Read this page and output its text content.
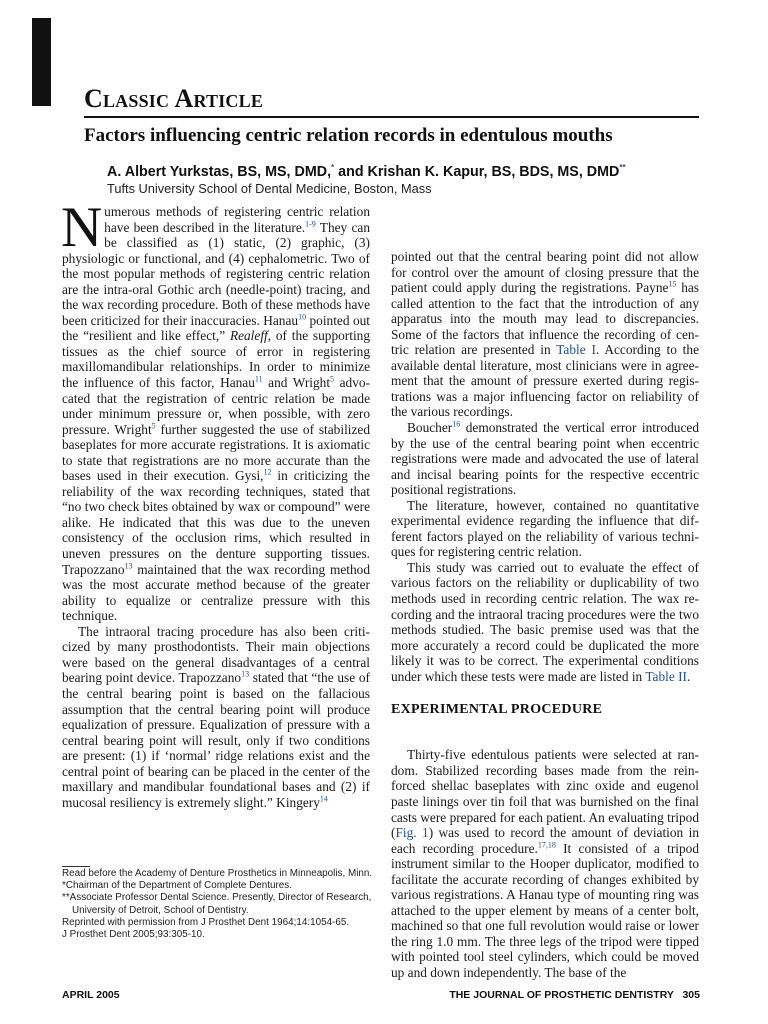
Classic Article
Factors influencing centric relation records in edentulous mouths
A. Albert Yurkstas, BS, MS, DMD,* and Krishan K. Kapur, BS, BDS, MS, DMD**
Tufts University School of Dental Medicine, Boston, Mass

Numerous methods of registering centric relation have been described in the literature.$^{1-9}$ They can be classified as (1) static, (2) graphic, (3) physiologic or functional, and (4) cephalometric. Two of the most popular methods of registering centric relation are the intra-oral Gothic arch (needle-point) tracing, and the wax recording procedure. Both of these methods have been criticized for their inaccuracies. Hanau$^{10}$ pointed out the “resilient and like effect,” Realeff, of the supporting tissues as the chief source of error in registering maxillomandibular relationships. In order to minimize the influence of this factor, Hanau$^{11}$ and Wright$^5$ advocated that the registration of centric relation be made under minimum pressure or, when possible, with zero pressure. Wright$^5$ further suggested the use of stabilized baseplates for more accurate registrations. It is axiomatic to state that registrations are no more accurate than the bases used in their execution. Gysi,$^{12}$ in criticizing the reliability of the wax recording techniques, stated that “no two check bites obtained by wax or compound” were alike. He indicated that this was due to the uneven consistency of the occlusion rims, which resulted in uneven pressures on the denture supporting tissues. Trapozzano$^{13}$ maintained that the wax recording method was the most accurate method because of the greater ability to equalize or centralize pressure with this technique.

The intraoral tracing procedure has also been criticized by many prosthodontists. Their main objections were based on the general disadvantages of a central bearing point device. Trapozzano$^{13}$ stated that “the use of the central bearing point is based on the fallacious assumption that the central bearing point will produce equalization of pressure. Equalization of pressure with a central bearing point will result, only if two conditions are present: (1) if ‘normal’ ridge relations exist and the central point of bearing can be placed in the center of the maxillary and mandibular foundational bases and (2) if mucosal resiliency is extremely slight.” Kingery$^{14}$

pointed out that the central bearing point did not allow for control over the amount of closing pressure that the patient could apply during the registrations. Payne$^{15}$ has called attention to the fact that the introduction of any apparatus into the mouth may lead to discrepancies. Some of the factors that influence the recording of centric relation are presented in Table I. According to the available dental literature, most clinicians were in agreement that the amount of pressure exerted during registrations was a major influencing factor on reliability of the various recordings.

Boucher$^{16}$ demonstrated the vertical error introduced by the use of the central bearing point when eccentric registrations were made and advocated the use of lateral and incisal bearing points for the respective eccentric positional registrations.

The literature, however, contained no quantitative experimental evidence regarding the influence that different factors played on the reliability of various techniques for registering centric relation.

This study was carried out to evaluate the effect of various factors on the reliability or duplicability of two methods used in recording centric relation. The wax recording and the intraoral tracing procedures were the two methods studied. The basic premise used was that the more accurately a record could be duplicated the more likely it was to be correct. The experimental conditions under which these tests were made are listed in Table II.

Thirty-five edentulous patients were selected at random. Stabilized recording bases made from the reinforced shellac baseplates with zinc oxide and eugenol paste linings over tin foil that was burnished on the final casts were prepared for each patient. An evaluating tripod (Fig. 1) was used to record the amount of deviation in each recording procedure.$^{17,18}$ It consisted of a tripod instrument similar to the Hooper duplicator, modified to facilitate the accurate recording of changes exhibited by various registrations. A Hanau type of mounting ring was attached to the upper element by means of a center bolt, machined so that one full revolution would raise or lower the ring 1.0 mm. The three legs of the tripod were tipped with pointed tool steel cylinders, which could be moved up and down independently. The base of the

EXPERIMENTAL PROCEDURE

Read before the Academy of Denture Prosthetics in Minneapolis, Minn.

*Chairman of the Department of Complete Dentures.

**Associate Professor Dental Science. Presently, Director of Research, University of Detroit, School of Dentistry.

Reprinted with permission from J Prosthet Dent 1964;14:1054-65.

J Prosthet Dent 2005;93:305-10.

APRIL 2005	THE JOURNAL OF PROSTHETIC DENTISTRY   305
